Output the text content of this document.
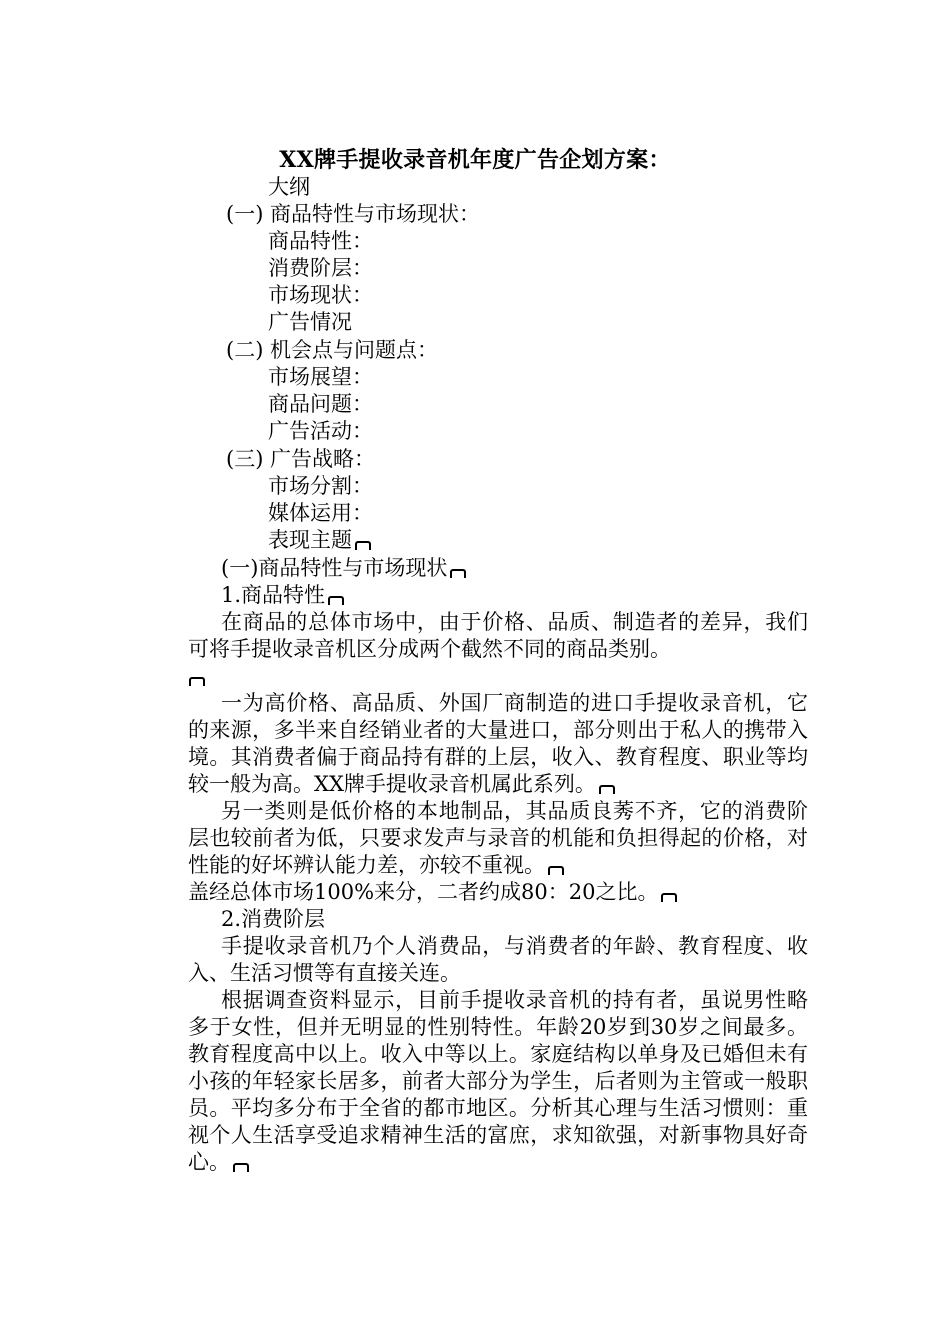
XX牌手提收录音机年度广告企划方案：
大纲
(一) 商品特性与市场现状：
商品特性：
消费阶层：
市场现状：
广告情况
(二) 机会点与问题点：
市场展望：
商品问题：
广告活动：
(三) 广告战略：
市场分割：
媒体运用：
表现主题

(一)商品特性与市场现状

1.商品特性

在商品的总体市场中，由于价格、品质、制造者的差异，我们可将手提收录音机区分成两个截然不同的商品类别。

一为高价格、高品质、外国厂商制造的进口手提收录音机，它的来源，多半来自经销业者的大量进口，部分则出于私人的携带入境。其消费者偏于商品持有群的上层，收入、教育程度、职业等均较一般为高。XX牌手提收录音机属此系列。

另一类则是低价格的本地制品，其品质良莠不齐，它的消费阶层也较前者为低，只要求发声与录音的机能和负担得起的价格，对性能的好坏辨认能力差，亦较不重视。

盖经总体市场100%来分，二者约成80：20之比。

2.消费阶层

手提收录音机乃个人消费品，与消费者的年龄、教育程度、收入、生活习惯等有直接关连。

根据调查资料显示，目前手提收录音机的持有者，虽说男性略多于女性，但并无明显的性别特性。年龄20岁到30岁之间最多。教育程度高中以上。收入中等以上。家庭结构以单身及已婚但未有小孩的年轻家长居多，前者大部分为学生，后者则为主管或一般职员。平均多分布于全省的都市地区。分析其心理与生活习惯则：重视个人生活享受追求精神生活的富庶，求知欲强，对新事物具好奇心。
